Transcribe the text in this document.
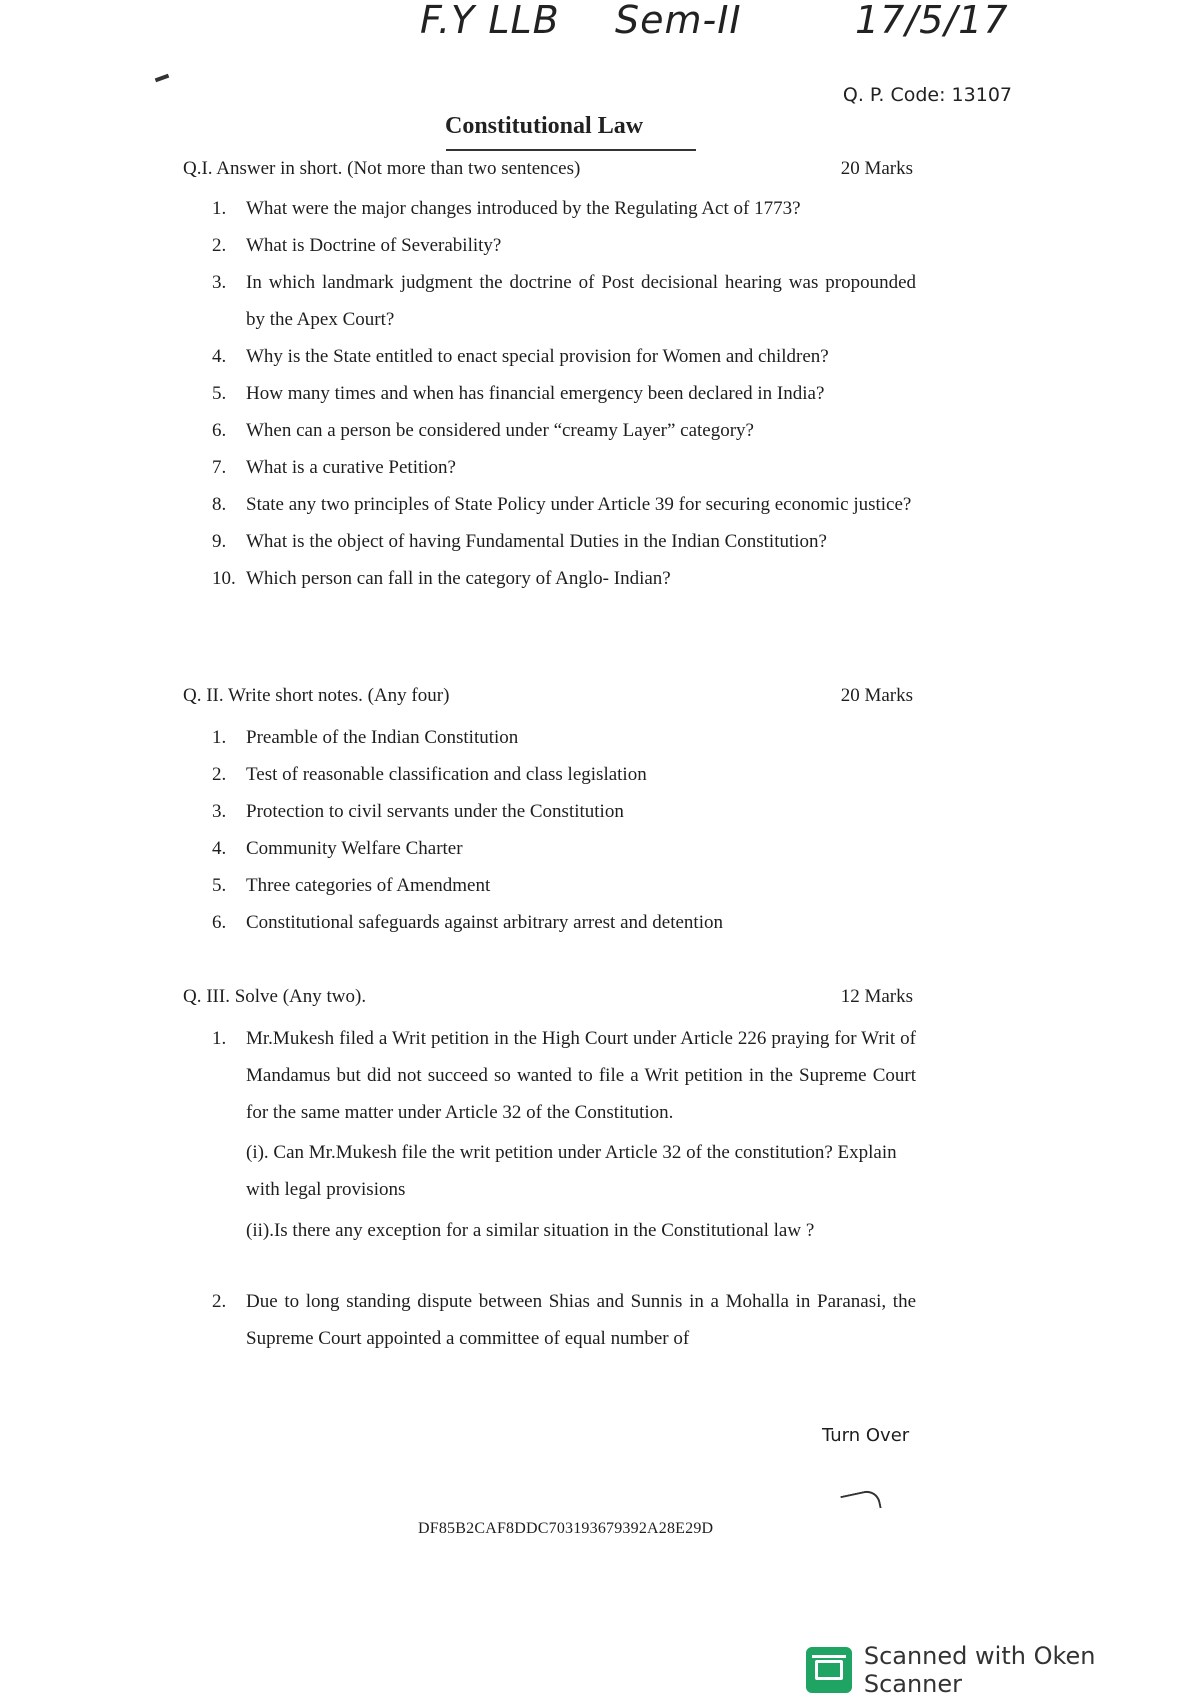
F.Y LLB Sem-II	17/5/17
Q. P. Code: 13107
Constitutional Law
Q.I. Answer in short. (Not more than two sentences)	20 Marks
1.	What were the major changes introduced by the Regulating Act of 1773?
2.	What is Doctrine of Severability?
3.	In which landmark judgment the doctrine of Post decisional hearing was propounded by the Apex Court?
4.	Why is the State entitled to enact special provision for Women and children?
5.	How many times and when has financial emergency been declared in India?
6.	When can a person be considered under “creamy Layer” category?
7.	What is a curative Petition?
8.	State any two principles of State Policy under Article 39 for securing economic justice?
9.	What is the object of having Fundamental Duties in the Indian Constitution?
10. Which person can fall in the category of Anglo- Indian?
Q. II. Write short notes. (Any four)	20 Marks
1.	Preamble of the Indian Constitution
2.	Test of reasonable classification and class legislation
3.	Protection to civil servants under the Constitution
4.	Community Welfare Charter
5.	Three categories of Amendment
6.	Constitutional safeguards against arbitrary arrest and detention
Q. III. Solve (Any two).	12 Marks
1.	Mr.Mukesh filed a Writ petition in the High Court under Article 226 praying for Writ of Mandamus but did not succeed so wanted to file a Writ petition in the Supreme Court for the same matter under Article 32 of the Constitution.
(i). Can Mr.Mukesh file the writ petition under Article 32 of the constitution? Explain with legal provisions
(ii).Is there any exception for a similar situation in the Constitutional law ?
2.	Due to long standing dispute between Shias and Sunnis in a Mohalla in Paranasi, the Supreme Court appointed a committee of equal number of
Turn Over
DF85B2CAF8DDC703193679392A28E29D
Scanned with Oken Scanner
